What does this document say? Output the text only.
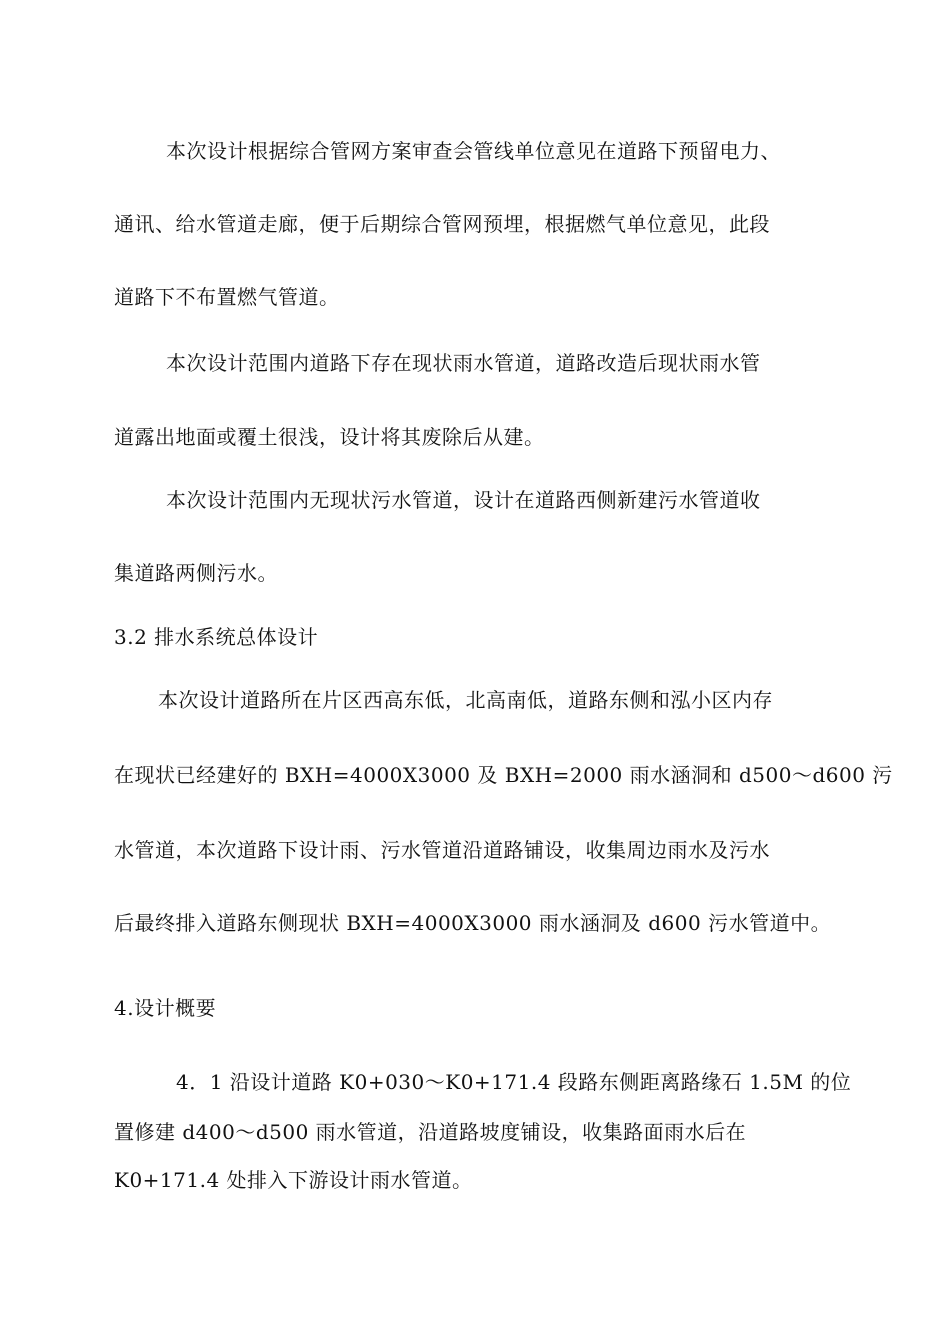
本次设计根据综合管网方案审查会管线单位意见在道路下预留电力、
通讯、给水管道走廊，便于后期综合管网预埋，根据燃气单位意见，此段
道路下不布置燃气管道。
本次设计范围内道路下存在现状雨水管道，道路改造后现状雨水管
道露出地面或覆土很浅，设计将其废除后从建。
本次设计范围内无现状污水管道，设计在道路西侧新建污水管道收
集道路两侧污水。
3.2 排水系统总体设计
本次设计道路所在片区西高东低，北高南低，道路东侧和泓小区内存
在现状已经建好的 BXH=4000X3000 及 BXH=2000 雨水涵洞和 d500～d600 污
水管道，本次道路下设计雨、污水管道沿道路铺设，收集周边雨水及污水
后最终排入道路东侧现状 BXH=4000X3000 雨水涵洞及 d600 污水管道中。
4.设计概要
4．1 沿设计道路 K0+030～K0+171.4 段路东侧距离路缘石 1.5M 的位
置修建 d400～d500 雨水管道，沿道路坡度铺设，收集路面雨水后在
K0+171.4 处排入下游设计雨水管道。
